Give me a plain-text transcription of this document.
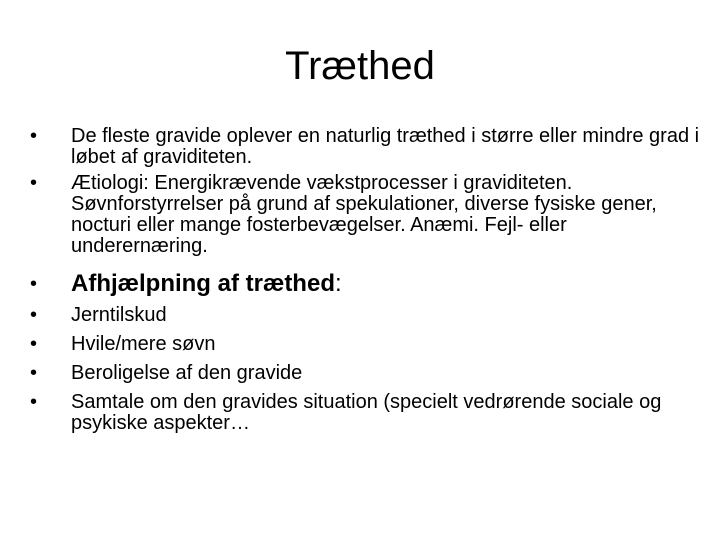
Træthed
• De fleste gravide oplever en naturlig træthed i større eller mindre grad i løbet af graviditeten.
• Ætiologi: Energikrævende vækstprocesser i graviditeten. Søvnforstyrrelser på grund af spekulationer, diverse fysiske gener, nocturi eller mange fosterbevægelser. Anæmi. Fejl- eller underernæring.
• Afhjælpning af træthed:
• Jerntilskud
• Hvile/mere søvn
• Beroligelse af den gravide
• Samtale om den gravides situation (specielt vedrørende sociale og psykiske aspekter…
